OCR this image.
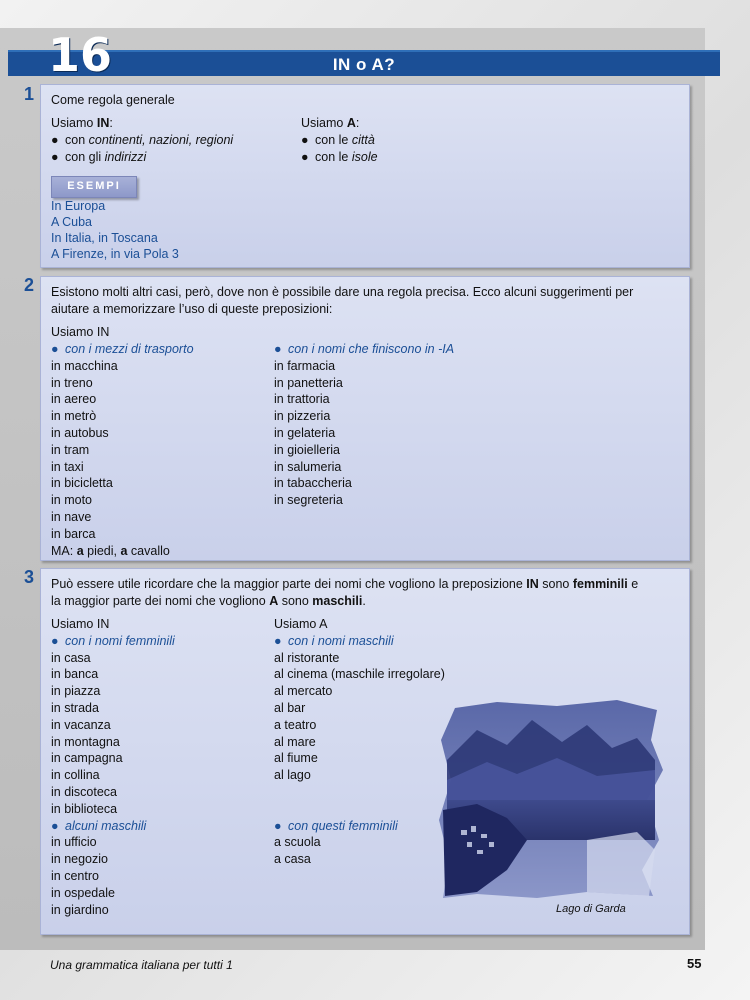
IN o A?
16
1 Come regola generale
Usiamo IN:
● con continenti, nazioni, regioni
● con gli indirizzi
Usiamo A:
● con le città
● con le isole
ESEMPI
In Europa
A Cuba
In Italia, in Toscana
A Firenze, in via Pola 3
2 Esistono molti altri casi, però, dove non è possibile dare una regola precisa. Ecco alcuni suggerimenti per
aiutare a memorizzare l’uso di queste preposizioni:
Usiamo IN
● con i mezzi di trasporto
in macchina
in treno
in aereo
in metrò
in autobus
in tram
in taxi
in bicicletta
in moto
in nave
in barca
MA: a piedi, a cavallo
● con i nomi che finiscono in -IA
in farmacia
in panetteria
in trattoria
in pizzeria
in gelateria
in gioielleria
in salumeria
in tabaccheria
in segreteria
3 Può essere utile ricordare che la maggior parte dei nomi che vogliono la preposizione IN sono femminili e
la maggior parte dei nomi che vogliono A sono maschili.
Usiamo IN
● con i nomi femminili
in casa
in banca
in piazza
in strada
in vacanza
in montagna
in campagna
in collina
in discoteca
in biblioteca
● alcuni maschili
in ufficio
in negozio
in centro
in ospedale
in giardino
Usiamo A
● con i nomi maschili
al ristorante
al cinema (maschile irregolare)
al mercato
al bar
a teatro
al mare
al fiume
al lago
● con questi femminili
a scuola
a casa
Lago di Garda
Una grammatica italiana per tutti 1	55
